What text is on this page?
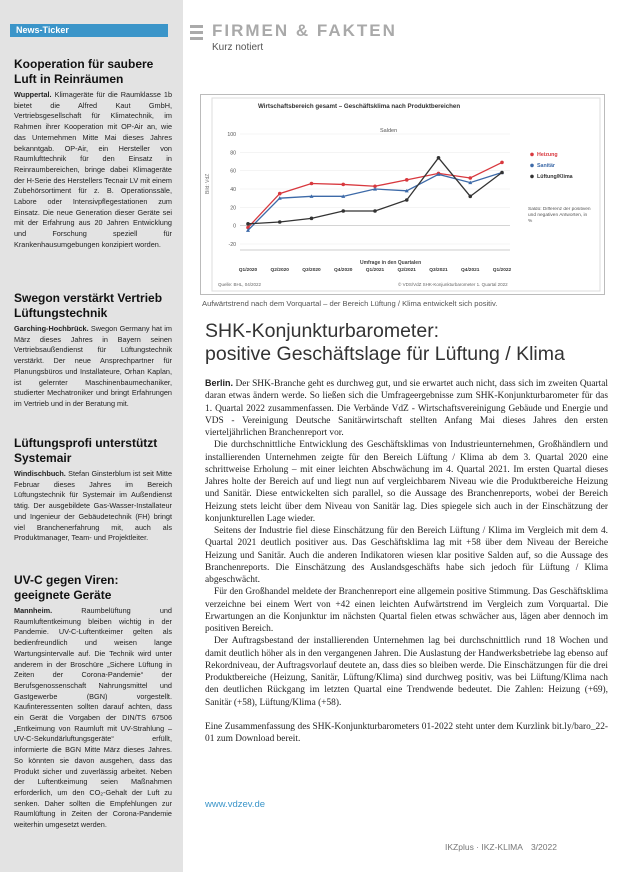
News-Ticker
Kooperation für saubere Luft in Reinräumen

Wuppertal. Klimageräte für die Raumklasse 1b bietet die Alfred Kaut GmbH, Vertriebsgesellschaft für Klimatechnik, im Rahmen ihrer Kooperation mit OP-Air an, wie das Unternehmen Mitte Mai dieses Jahres bekanntgab. OP-Air, ein Hersteller von Raumlufttechnik für den Einsatz in Reinraumbereichen, bringe dabei Klimageräte der H-Serie des Herstellers Tecnair LV mit einem Zubehörsortiment für z. B. Operationssäle, Labore oder Intensivpflegestationen zum Einsatz. Die neue Generation dieser Geräte sei mit der Erfahrung aus 20 Jahren Entwicklung und Forschung speziell für Krankenhausumgebungen konzipiert worden.

Swegon verstärkt Vertrieb Lüftungstechnik

Garching-Hochbrück. Swegon Germany hat im März dieses Jahres in Bayern seinen Vertriebsaußendienst für Lüftungstechnik verstärkt. Der neue Ansprechpartner für Planungsbüros und Installateure, Orhan Kaplan, ist gelernter Maschinenbaumechaniker, studierter Mechatroniker und bringt Erfahrungen im Vertrieb und in der Beratung mit.

Lüftungsprofi unterstützt Systemair

Windischbuch. Stefan Ginsterblum ist seit Mitte Februar dieses Jahres im Bereich Lüftungstechnik für Systemair im Außendienst tätig. Der ausgebildete Gas-Wasser-Installateur und Ingenieur der Gebäudetechnik (FH) bringt viel Branchenerfahrung mit, auch als Produktmanager, Team- und Projektleiter.

UV-C gegen Viren: geeignete Geräte

Mannheim.	Raumbelüftung und Raumluftentkeimung bleiben wichtig in der Pandemie. UV-C-Luftentkeimer gelten als bedienfreundlich und weisen lange Wartungsintervalle auf. Die Technik wird unter anderem in der Broschüre „Sichere Lüftung in Zeiten der Corona-Pandemie“ der Berufsgenossenschaft Nahrungsmittel und Gastgewerbe (BGN) vorgestellt. Kaufinteressenten sollten darauf achten, dass ein Gerät die Vorgaben der DIN/TS 67506 „Entkeimung von Raumluft mit UV-Strahlung – UV-C-Sekundärluftungsgeräte“ erfüllt, informierte die BGN Mitte März dieses Jahres. So könnten sie davon ausgehen, dass das Produkt sicher und zuverlässig arbeitet. Neben der Luftentkeimung seien Maßnahmen erforderlich, um den CO₂-Gehalt der Luft zu senken. Daher sollten die Empfehlungen zur Raumlüftung in Zeiten der Corona-Pandemie weiterhin umgesetzt werden.

FIRMEN & FAKTEN
Kurz notiert
Bild: VdZ
Wirtschaftsbereich gesamt – Geschäftsklima nach Produktbereichen
Salden
-20
0
20
40
60
80
100
Q1/2020	Q2/2020	Q3/2020	Q4/2020	Q1/2021	Q2/2021	Q3/2021	Q4/2021	Q1/2022
Heizung
Sanitär
Lüftung/Klima
Umfrage in den Quartalen
Saldo: Differenz der positiven und negativen Antworten, in %
Quelle: BHL, 04/2022	© VDS/VdZ SHK-Konjunkturbarometer 1. Quartal 2022
Aufwärtstrend nach dem Vorquartal – der Bereich Lüftung / Klima entwickelt sich positiv.
SHK-Konjunkturbarometer:
positive Geschäftslage für Lüftung / Klima

Berlin. Der SHK-Branche geht es durchweg gut, und sie erwartet auch nicht, dass sich im zweiten Quartal daran etwas ändern werde. So ließen sich die Umfrageergebnisse zum SHK-Konjunkturbarometer für das 1. Quartal 2022 zusammenfassen. Die Verbände VdZ - Wirtschaftsvereinigung Gebäude und Energie und VDS - Vereinigung Deutsche Sanitärwirtschaft stellten Anfang Mai dieses Jahres den ersten vierteljährlichen Branchenreport vor.

Die durchschnittliche Entwicklung des Geschäftsklimas von Industrieunternehmen, Großhändlern und installierenden Unternehmen zeigte für den Bereich Lüftung / Klima ab dem 3. Quartal 2020 eine schrittweise Erholung – mit einer leichten Abschwächung im 4. Quartal 2021. Im ersten Quartal dieses Jahres holte der Bereich auf und liegt nun auf vergleichbarem Niveau wie die Produktbereiche Heizung und Sanitär. Diese entwickelten sich parallel, so die Aussage des Branchenreports, wobei der Bereich Heizung stets leicht über dem Niveau von Sanitär lag. Dies spiegele sich auch in der Einschätzung der konjunkturellen Lage wieder.

Seitens der Industrie fiel diese Einschätzung für den Bereich Lüftung / Klima im Vergleich mit dem 4. Quartal 2021 deutlich positiver aus. Das Geschäftsklima lag mit +58 über dem Niveau der Bereiche Heizung und Sanitär. Auch die anderen Indikatoren wiesen klar positive Salden auf, so die Aussage des Branchenreports. Die Einschätzung des Auslandsgeschäfts habe sich jedoch für Lüftung / Klima abgeschwächt.

Für den Großhandel meldete der Branchenreport eine allgemein positive Stimmung. Das Geschäftsklima verzeichne bei einem Wert von +42 einen leichten Aufwärtstrend im Vergleich zum Vorquartal. Die Erwartungen an die Konjunktur im nächsten Quartal fielen etwas schwächer aus, lägen aber dennoch im positiven Bereich.

Der Auftragsbestand der installierenden Unternehmen lag bei durchschnittlich rund 18 Wochen und damit deutlich höher als in den vergangenen Jahren. Die Auslastung der Handwerksbetriebe lag ebenso auf Rekordniveau, der Auftragsvorlauf deutete an, dass dies so bleiben werde. Die Einschätzungen für die drei Produktbereiche (Heizung, Sanitär, Lüftung/Klima) sind durchweg positiv, was bei Lüftung/Klima nach den deutlichen Rückgang im letzten Quartal eine Trendwende bedeutet. Die Zahlen: Heizung (+69), Sanitär (+58), Lüftung/Klima (+58).

Eine Zusammenfassung des SHK-Konjunkturbarometers 01-2022 steht unter dem Kurzlink bit.ly/baro_22-01 zum Download bereit.

www.vdzev.de
IKZplus · IKZ-KLIMA 3/2022
